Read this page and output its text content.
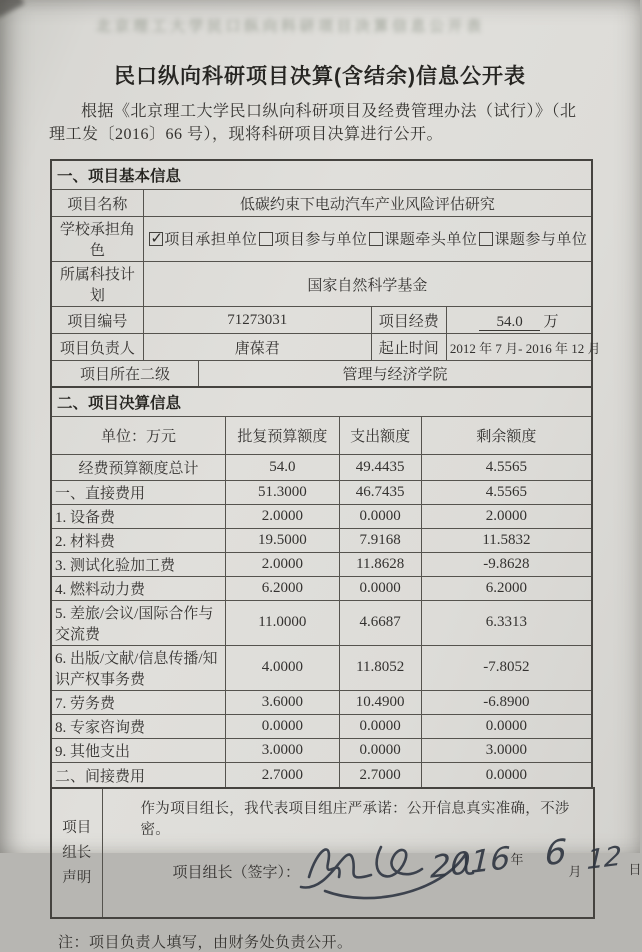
北京理工大学民口纵向科研项目决算信息公开表
民口纵向科研项目决算(含结余)信息公开表

根据《北京理工大学民口纵向科研项目及经费管理办法（试行）》（北理工发〔2016〕66 号），现将科研项目决算进行公开。

一、项目基本信息				
项目名称	低碳约束下电动汽车产业风险评估研究			
学校承担角色	
✓
项目承担单位 项目参与单位 课题牵头单位 课题参与单位

所属科技计划	国家自然科学基金			
项目编号	71273031		项目经费	54.0 万
项目负责人	唐葆君		起止时间	2012 年 7 月- 2016 年 12 月
项目所在二级		管理与经济学院		
二、项目决算信息			
单位：万元	批复预算额度	支出额度	剩余额度
经费预算额度总计	54.0	49.4435	4.5565
一、直接费用	51.3000	46.7435	4.5565
1. 设备费	2.0000	0.0000	2.0000
2. 材料费	19.5000	7.9168	11.5832
3. 测试化验加工费	2.0000	11.8628	-9.8628
4. 燃料动力费	6.2000	0.0000	6.2000
5. 差旅/会议/国际合作与交流费	11.0000	4.6687	6.3313
6. 出版/文献/信息传播/知识产权事务费	4.0000	11.8052	-7.8052
7. 劳务费	3.6000	10.4900	-6.8900
8. 专家咨询费	0.0000	0.0000	0.0000
9. 其他支出	3.0000	0.0000	3.0000
二、间接费用	2.7000	2.7000	0.0000
项目
组长
声明

作为项目组长，我代表项目组庄严承诺：公开信息真实准确，不涉密。
项目组长（签字）：	2016 年 6 月 12 日

注：项目负责人填写，由财务处负责公开。
